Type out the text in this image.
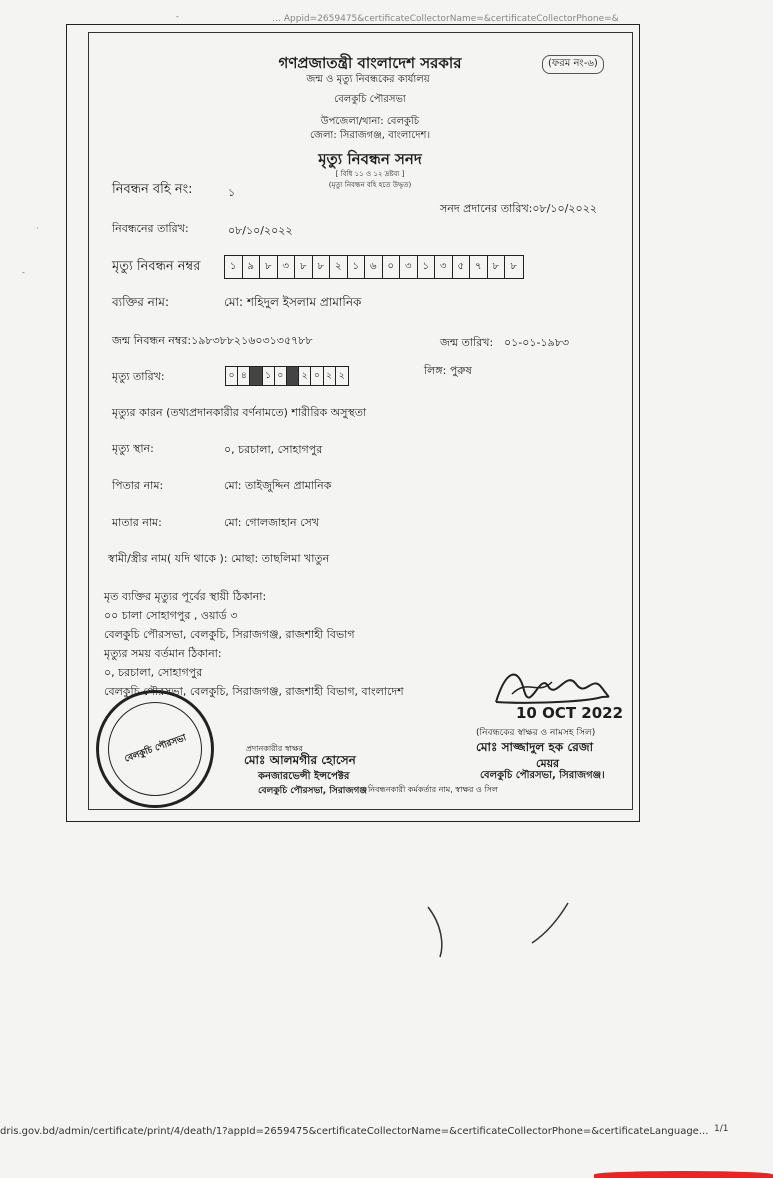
… Appid=2659475&certificateCollectorName=&certificateCollectorPhone=&
-
·
-
গণপ্রজাতন্ত্রী বাংলাদেশ সরকার	(ফরম নং-৬)
জন্ম ও মৃত্যু নিবন্ধকের কার্যালয়
বেলকুচি পৌরসভা
উপজেলা/থানা: বেলকুচি
জেলা: সিরাজগঞ্জ, বাংলাদেশ।
মৃত্যু নিবন্ধন সনদ
[ বিধি ১১ ও ১২ দ্রষ্টব্য ]
(মৃত্যু নিবন্ধন বহি হতে উদ্ধৃত)
নিবন্ধন বহি নং:	১
সনদ প্রদানের তারিখ:০৮/১০/২০২২
নিবন্ধনের তারিখ:	০৮/১০/২০২২
মৃত্যু নিবন্ধন নম্বর	১	৯	৮	৩	৮	৮	২	১	৬	০	৩	১	৩	৫	৭	৮	৮
ব্যক্তির নাম:	মো: শহিদুল ইসলাম প্রামানিক
জন্ম নিবন্ধন নম্বর:১৯৮৩৮৮২১৬০৩১৩৫৭৮৮	জন্ম তারিখ: ০১-০১-১৯৮৩
মৃত্যু তারিখ:	০ ৪	১ ০	২ ০ ২ ২	লিঙ্গ: পুরুষ
মৃত্যুর কারন (তথ্যপ্রদানকারীর বর্ণনামতে) শারীরিক অসুস্থতা
মৃত্যু স্থান:	০, চরচালা, সোহাগপুর
পিতার নাম:	মো: তাইজুদ্দিন প্রামানিক
মাতার নাম:	মো: গোলজাহান সেখ
স্বামী/স্ত্রীর নাম( যদি থাকে ): মোছা: তাছলিমা খাতুন
মৃত ব্যক্তির মৃত্যুর পূর্বের স্থায়ী ঠিকানা:
০০ চালা সোহাগপুর , ওয়ার্ড ৩
বেলকুচি পৌরসভা, বেলকুচি, সিরাজগঞ্জ, রাজশাহী বিভাগ
মৃত্যুর সময় বর্তমান ঠিকানা:
০, চরচালা, সোহাগপুর
বেলকুচি পৌরসভা, বেলকুচি, সিরাজগঞ্জ, রাজশাহী বিভাগ, বাংলাদেশ
10 OCT 2022
(নিবন্ধকের স্বাক্ষর ও নামসহ সিল)
মোঃ সাজ্জাদুল হক রেজা
মেয়র
বেলকুচি পৌরসভা, সিরাজগঞ্জ।
প্রদানকারীর স্বাক্ষর
মোঃ আলমগীর হোসেন
কনজারভেন্সী ইন্সপেক্টর
বেলকুচি পৌরসভা, সিরাজগঞ্জ নিবন্ধনকারী কর্মকর্তার নাম, স্বাক্ষর ও সিল
বেলকুচি পৌরসভা
dris.gov.bd/admin/certificate/print/4/death/1?appId=2659475&certificateCollectorName=&certificateCollectorPhone=&certificateLanguage... 1/1
